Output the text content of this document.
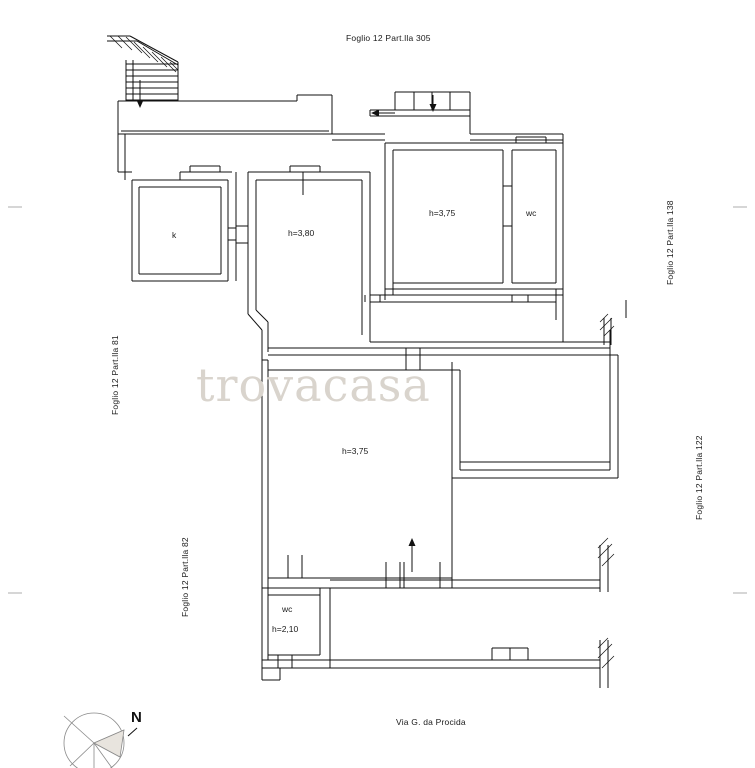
trovacasa
Foglio 12 Part.lla 305
Foglio 12 Part.lla 81
Foglio 12 Part.lla 82
Foglio 12 Part.lla 138
Foglio 12 Part.lla 122
k	h=3,80
h=3,75	wc
h=3,75
wc
h=2,10
Via G. da Procida
N
